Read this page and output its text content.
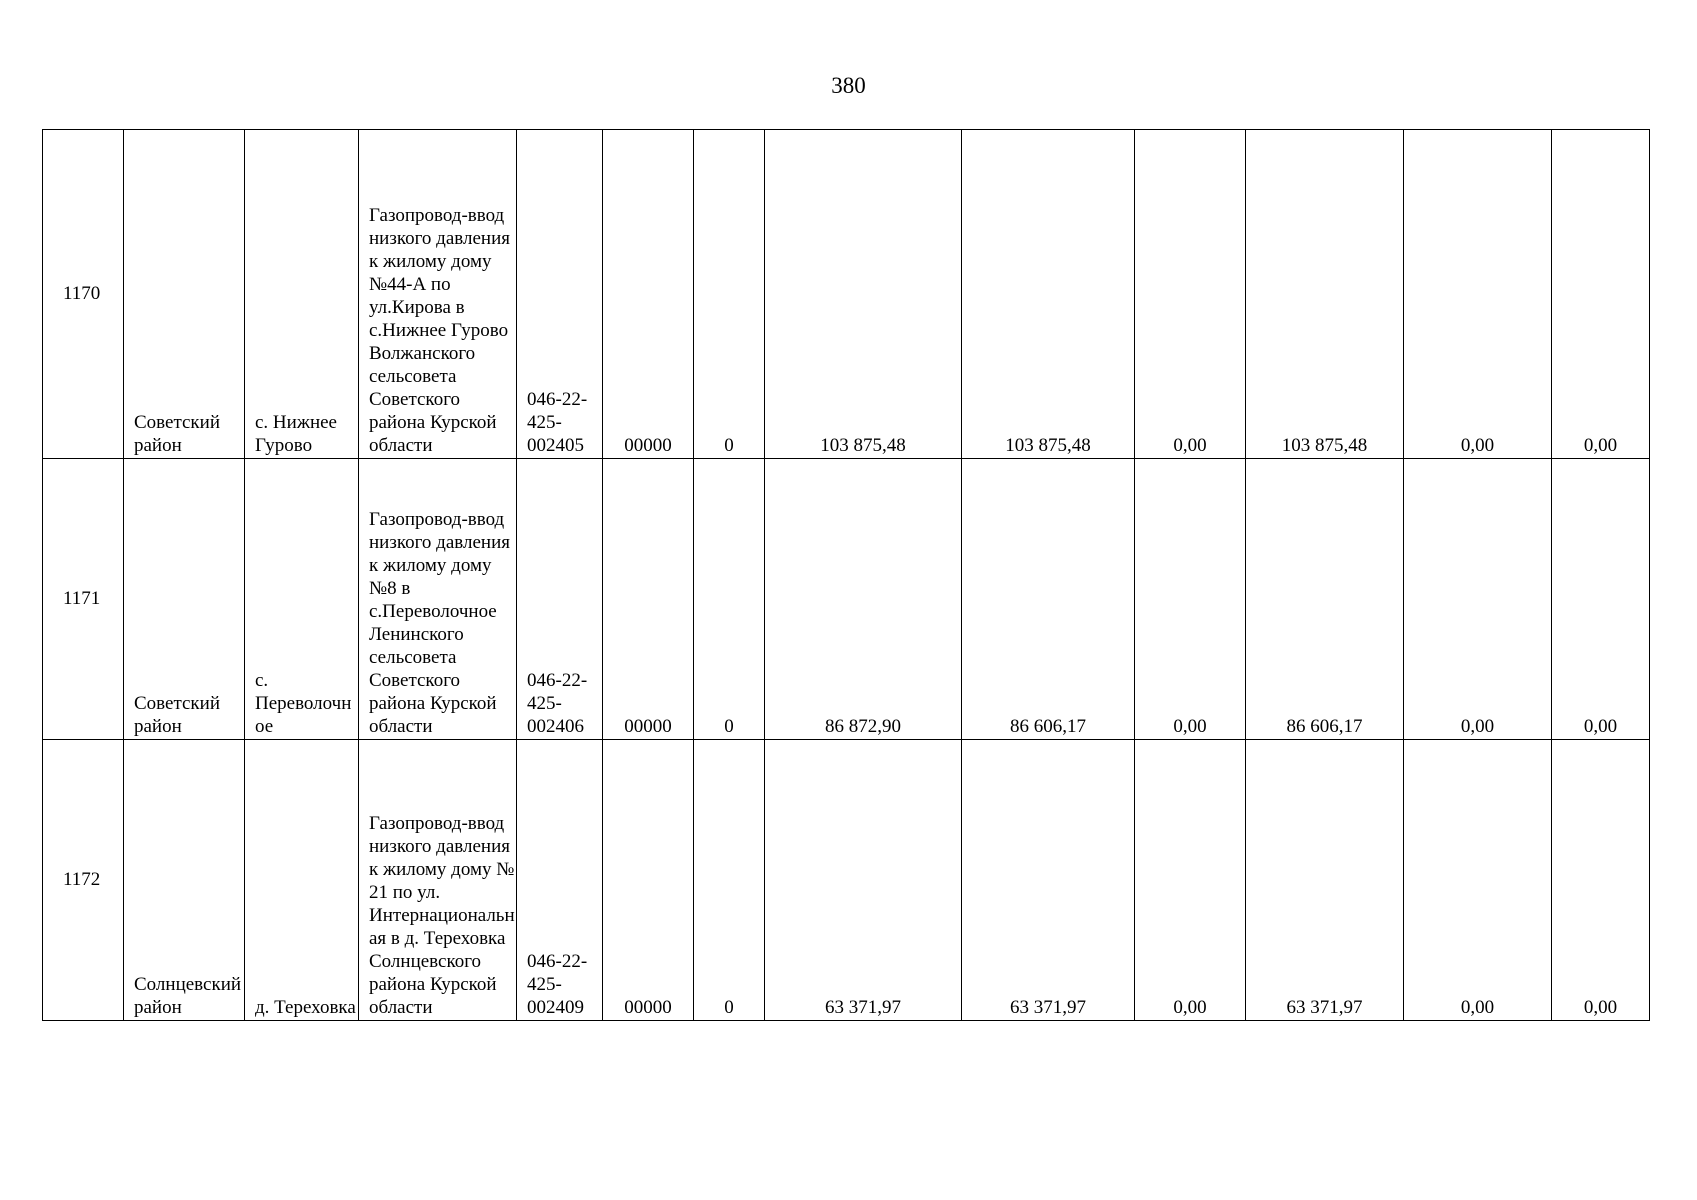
380
1170	Советский район	с. Нижнее Гурово	Газопровод-ввод низкого давления к жилому дому №44-А по ул.Кирова в с.Нижнее Гурово Волжанского сельсовета Советского района Курской области	046-22-425-002405	00000	0	103 875,48	103 875,48	0,00	103 875,48	0,00	0,00
1171	Советский район	с. Переволочное	Газопровод-ввод низкого давления к жилому дому №8 в с.Переволочное Ленинского сельсовета Советского района Курской области	046-22-425-002406	00000	0	86 872,90	86 606,17	0,00	86 606,17	0,00	0,00
1172	Солнцевский район	д. Тереховка	Газопровод-ввод низкого давления к жилому дому № 21 по ул. Интернациональная в д. Тереховка Солнцевского района Курской области	046-22-425-002409	00000	0	63 371,97	63 371,97	0,00	63 371,97	0,00	0,00
